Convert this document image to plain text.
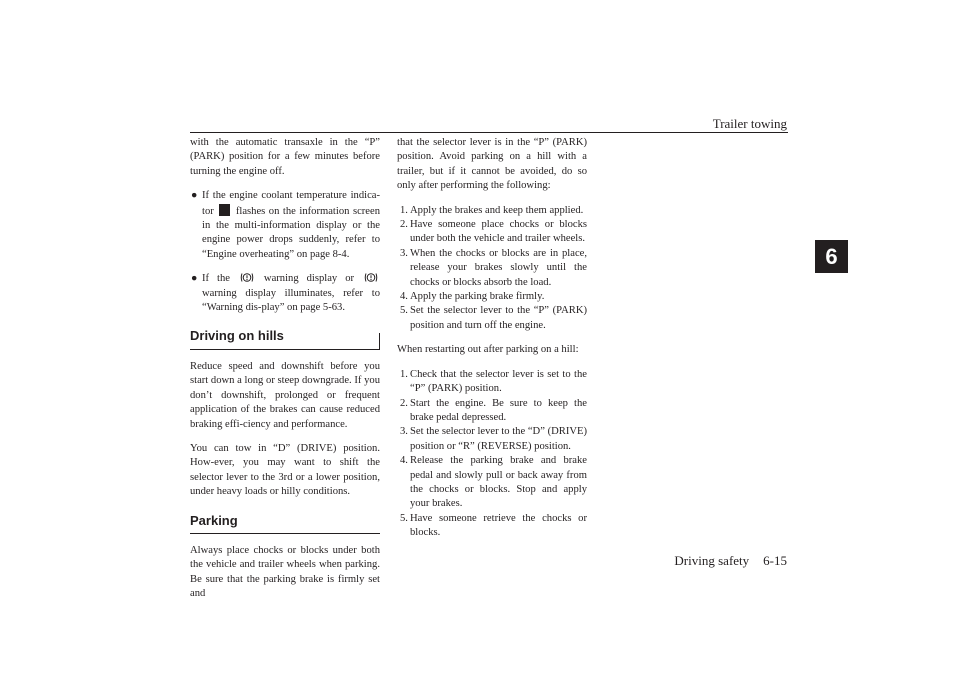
Trailer towing
6

with the automatic transaxle in the “P” (PARK) position for a few minutes before turning the engine off.

● If the engine coolant temperature indica-tor  flashes on the information screen in the multi-information display or the engine power drops suddenly, refer to “Engine overheating” on page 8-4.
● If the  warning display or  warning display illuminates, refer to “Warning dis-play” on page 5-63.
Driving on hills

Reduce speed and downshift before you start down a long or steep downgrade. If you don’t downshift, prolonged or frequent application of the brakes can cause reduced braking effi-ciency and performance.

You can tow in “D” (DRIVE) position. How-ever, you may want to shift the selector lever to the 3rd or a lower position, under heavy loads or hilly conditions.

Parking

Always place chocks or blocks under both the vehicle and trailer wheels when parking. Be sure that the parking brake is firmly set and

that the selector lever is in the “P” (PARK) position. Avoid parking on a hill with a trailer, but if it cannot be avoided, do so only after performing the following:

1. Apply the brakes and keep them applied.
2. Have someone place chocks or blocks under both the vehicle and trailer wheels.
3. When the chocks or blocks are in place, release your brakes slowly until the chocks or blocks absorb the load.
4. Apply the parking brake firmly.
5. Set the selector lever to the “P” (PARK) position and turn off the engine.

When restarting out after parking on a hill:

1. Check that the selector lever is set to the “P” (PARK) position.
2. Start the engine. Be sure to keep the brake pedal depressed.
3. Set the selector lever to the “D” (DRIVE) position or “R” (REVERSE) position.
4. Release the parking brake and brake pedal and slowly pull or back away from the chocks or blocks. Stop and apply your brakes.
5. Have someone retrieve the chocks or blocks.
Driving safety 6-15
